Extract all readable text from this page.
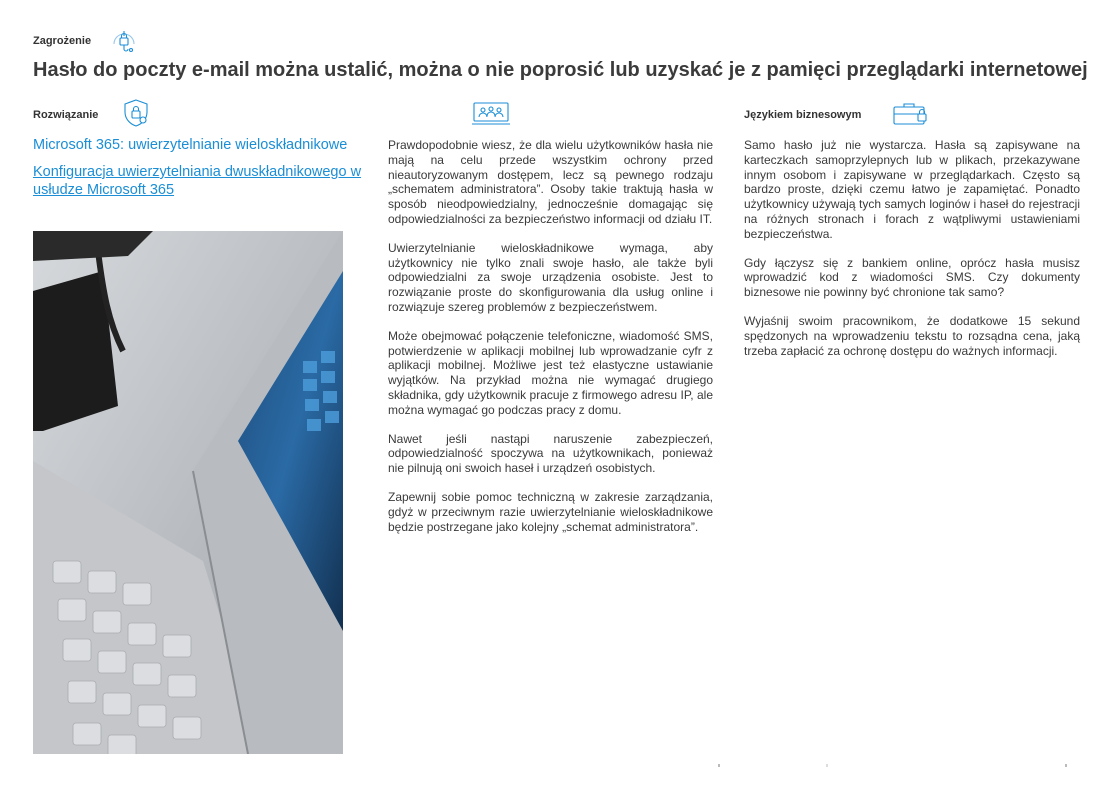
Zagrożenie
Hasło do poczty e-mail można ustalić, można o nie poprosić lub uzyskać je z pamięci przeglądarki internetowej
Rozwiązanie
Microsoft 365: uwierzytelnianie wieloskładnikowe
Konfiguracja uwierzytelniania dwuskładnikowego w usłudze Microsoft 365

Prawdopodobnie wiesz, że dla wielu użytkowników hasła nie mają na celu przede wszystkim ochrony przed nieautoryzowanym dostępem, lecz są pewnego rodzaju „schematem administratora”. Osoby takie traktują hasła w sposób nieodpowiedzialny, jednocześnie domagając się odpowiedzialności za bezpieczeństwo informacji od działu IT.

Uwierzytelnianie wieloskładnikowe wymaga, aby użytkownicy nie tylko znali swoje hasło, ale także byli odpowiedzialni za swoje urządzenia osobiste. Jest to rozwiązanie proste do skonfigurowania dla usług online i rozwiązuje szereg problemów z bezpieczeństwem.

Może obejmować połączenie telefoniczne, wiadomość SMS, potwierdzenie w aplikacji mobilnej lub wprowadzanie cyfr z aplikacji mobilnej. Możliwe jest też elastyczne ustawianie wyjątków. Na przykład można nie wymagać drugiego składnika, gdy użytkownik pracuje z firmowego adresu IP, ale można wymagać go podczas pracy z domu.

Nawet jeśli nastąpi naruszenie zabezpieczeń, odpowiedzialność spoczywa na użytkownikach, ponieważ nie pilnują oni swoich haseł i urządzeń osobistych.

Zapewnij sobie pomoc techniczną w zakresie zarządzania, gdyż w przeciwnym razie uwierzytelnianie wieloskładnikowe będzie postrzegane jako kolejny „schemat administratora”.

Językiem biznesowym

Samo hasło już nie wystarcza. Hasła są zapisywane na karteczkach samoprzylepnych lub w plikach, przekazywane innym osobom i zapisywane w przeglądarkach. Często są bardzo proste, dzięki czemu łatwo je zapamiętać. Ponadto użytkownicy używają tych samych loginów i haseł do rejestracji na różnych stronach i forach z wątpliwymi ustawieniami bezpieczeństwa.

Gdy łączysz się z bankiem online, oprócz hasła musisz wprowadzić kod z wiadomości SMS. Czy dokumenty biznesowe nie powinny być chronione tak samo?

Wyjaśnij swoim pracownikom, że dodatkowe 15 sekund spędzonych na wprowadzeniu tekstu to rozsądna cena, jaką trzeba zapłacić za ochronę dostępu do ważnych informacji.
